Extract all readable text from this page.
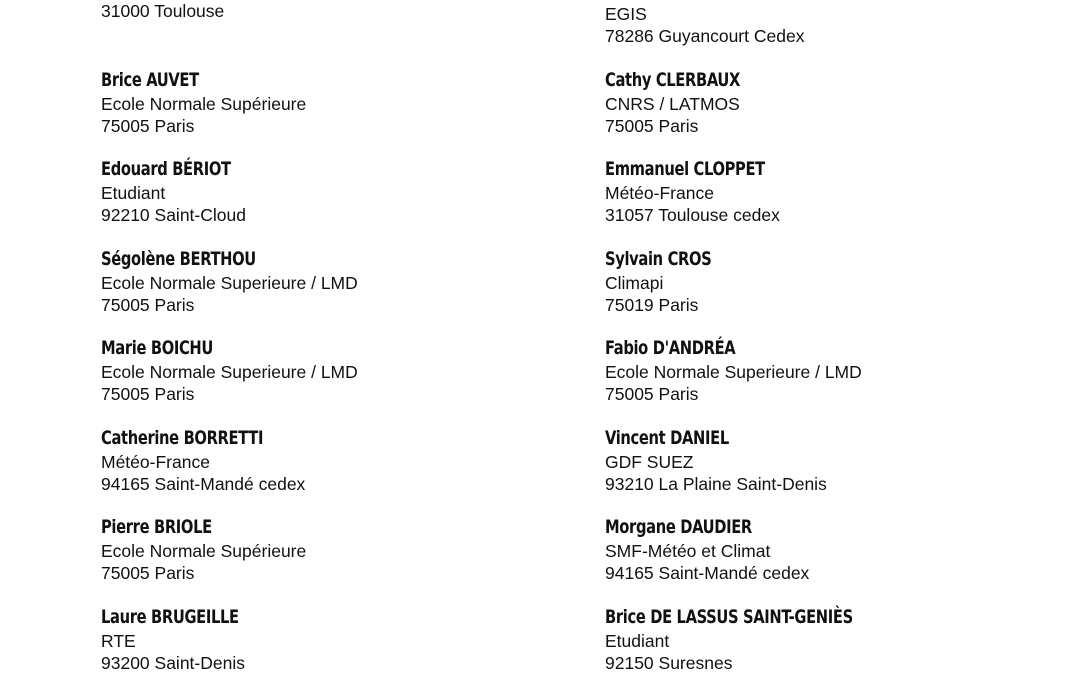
31000 Toulouse
Brice AUVET
Ecole Normale Supérieure
75005 Paris
Edouard BÉRIOT
Etudiant
92210 Saint-Cloud
Ségolène BERTHOU
Ecole Normale Superieure / LMD
75005 Paris
Marie BOICHU
Ecole Normale Superieure / LMD
75005 Paris
Catherine BORRETTI
Météo-France
94165 Saint-Mandé cedex
Pierre BRIOLE
Ecole Normale Supérieure
75005 Paris
Laure BRUGEILLE
RTE
93200 Saint-Denis
EGIS
78286 Guyancourt Cedex
Cathy CLERBAUX
CNRS / LATMOS
75005 Paris
Emmanuel CLOPPET
Météo-France
31057 Toulouse cedex
Sylvain CROS
Climapi
75019 Paris
Fabio D'ANDRÉA
Ecole Normale Superieure / LMD
75005 Paris
Vincent DANIEL
GDF SUEZ
93210 La Plaine Saint-Denis
Morgane DAUDIER
SMF-Météo et Climat
94165 Saint-Mandé cedex
Brice DE LASSUS SAINT-GENIÈS
Etudiant
92150 Suresnes
